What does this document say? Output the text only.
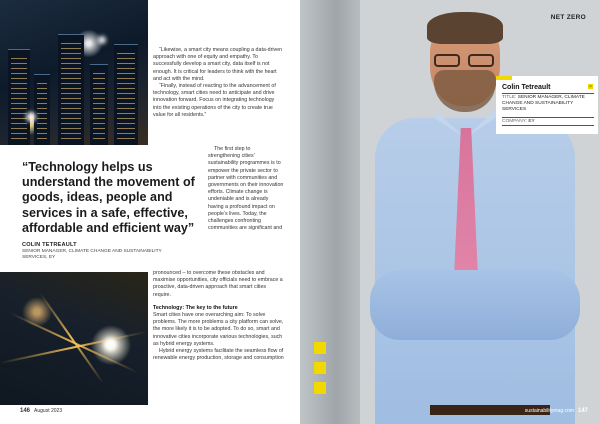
“Likewise, a smart city means coupling a data-driven approach with one of equity and empathy. To successfully develop a smart city, data itself is not enough. It is critical for leaders to think with the heart and act with the mind.

“Finally, instead of reacting to the advancement of technology, smart cities need to anticipate and drive innovation forward. Focus on integrating technology into the existing operations of the city to create true value for all residents.”

The first step to strengthening cities’ sustainability programmes is to empower the private sector to partner with communities and governments on their innovation efforts. Climate change is undeniable and is already having a profound impact on people’s lives. Today, the challenges confronting communities are significant and

“Technology helps us understand the movement of goods, ideas, people and services in a safe, effective, affordable and efficient way”
COLIN TETREAULT
SENIOR MANAGER, CLIMATE CHANGE AND SUSTAINABILITY SERVICES, EY

pronounced – to overcome these obstacles and maximise opportunities, city officials need to embrace a proactive, data-driven approach that smart cities require.

Technology: The key to the future

Smart cities have one overarching aim: To solve problems. The more problems a city platform can solve, the more likely it is to be adopted. To do so, smart and innovative cities incorporate various technologies, such as hybrid energy systems.

Hybrid energy systems facilitate the seamless flow of renewable energy production, storage and consumption

146 August 2023
NET ZERO
Colin Tetreault	in
TITLE: SENIOR MANAGER, CLIMATE CHANGE AND SUSTAINABILITY SERVICES
COMPANY: EY
sustainabilitymag.com 147
